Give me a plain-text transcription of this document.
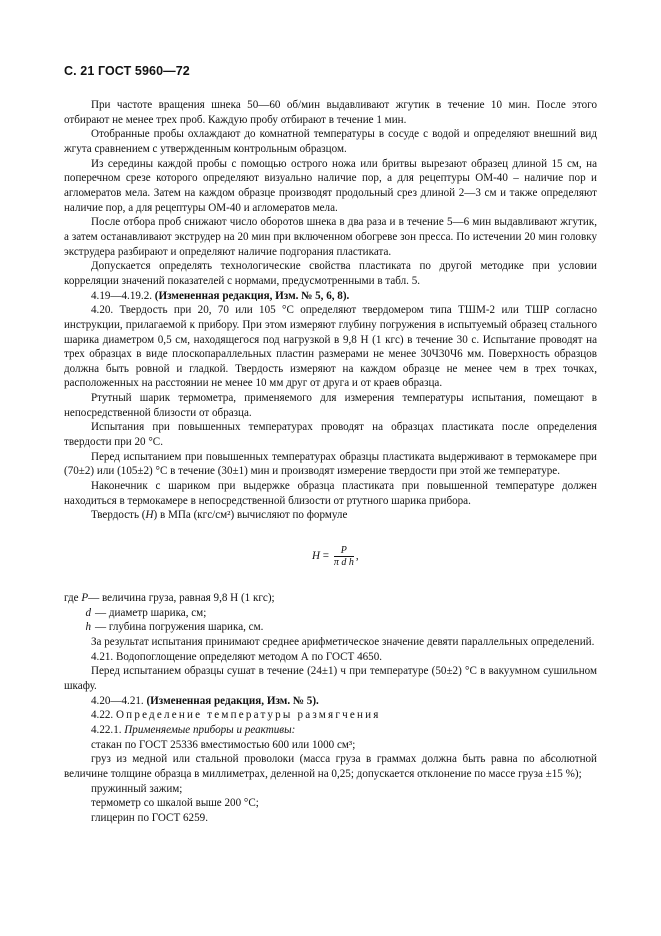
С. 21 ГОСТ 5960—72

При частоте вращения шнека 50—60 об/мин выдавливают жгутик в течение 10 мин. После этого отбирают не менее трех проб. Каждую пробу отбирают в течение 1 мин.

Отобранные пробы охлаждают до комнатной температуры в сосуде с водой и определяют внешний вид жгута сравнением с утвержденным контрольным образцом.

Из середины каждой пробы с помощью острого ножа или бритвы вырезают образец длиной 15 см, на поперечном срезе которого определяют визуально наличие пор, а для рецептуры ОМ-40 – наличие пор и агломератов мела. Затем на каждом образце производят продольный срез длиной 2—3 см и также определяют наличие пор, а для рецептуры ОМ-40 и агломератов мела.

После отбора проб снижают число оборотов шнека в два раза и в течение 5—6 мин выдавливают жгутик, а затем останавливают экструдер на 20 мин при включенном обогреве зон пресса. По истечении 20 мин головку экструдера разбирают и определяют наличие подгорания пластиката.

Допускается определять технологические свойства пластиката по другой методике при условии корреляции значений показателей с нормами, предусмотренными в табл. 5.

4.19—4.19.2. (Измененная редакция, Изм. № 5, 6, 8).

4.20. Твердость при 20, 70 или 105 °С определяют твердомером типа ТШМ-2 или ТШР согласно инструкции, прилагаемой к прибору. При этом измеряют глубину погружения в испытуемый образец стального шарика диаметром 0,5 см, находящегося под нагрузкой в 9,8 Н (1 кгс) в течение 30 с. Испытание проводят на трех образцах в виде плоскопараллельных пластин размерами не менее 30Ч30Ч6 мм. Поверхность образцов должна быть ровной и гладкой. Твердость измеряют на каждом образце не менее чем в трех точках, расположенных на расстоянии не менее 10 мм друг от друга и от краев образца.

Ртутный шарик термометра, применяемого для измерения температуры испытания, помещают в непосредственной близости от образца.

Испытания при повышенных температурах проводят на образцах пластиката после определения твердости при 20 °С.

Перед испытанием при повышенных температурах образцы пластиката выдерживают в термокамере при (70±2) или (105±2) °С в течение (30±1) мин и производят измерение твердости при этой же температуре.

Наконечник с шариком при выдержке образца пластиката при повышенной температуре должен находиться в термокамере в непосредственной близости от ртутного шарика прибора.

Твердость (H) в МПа (кгс/см²) вычисляют по формуле

$H = \frac{P}{\text{π d h}}$ ,
где
P — величина груза, равная 9,8 Н (1 кгс);
d — диаметр шарика, см;
h — глубина погружения шарика, см.

За результат испытания принимают среднее арифметическое значение девяти параллельных определений.

4.21. Водопоглощение определяют методом А по ГОСТ 4650.

Перед испытанием образцы сушат в течение (24±1) ч при температуре (50±2) °С в вакуумном сушильном шкафу.

4.20—4.21. (Измененная редакция, Изм. № 5).

4.22. Определение температуры размягчения

4.22.1. Применяемые приборы и реактивы:

стакан по ГОСТ 25336 вместимостью 600 или 1000 см³;

груз из медной или стальной проволоки (масса груза в граммах должна быть равна по абсолютной величине толщине образца в миллиметрах, деленной на 0,25; допускается отклонение по массе груза ±15 %);

пружинный зажим;

термометр со шкалой выше 200 °С;

глицерин по ГОСТ 6259.
